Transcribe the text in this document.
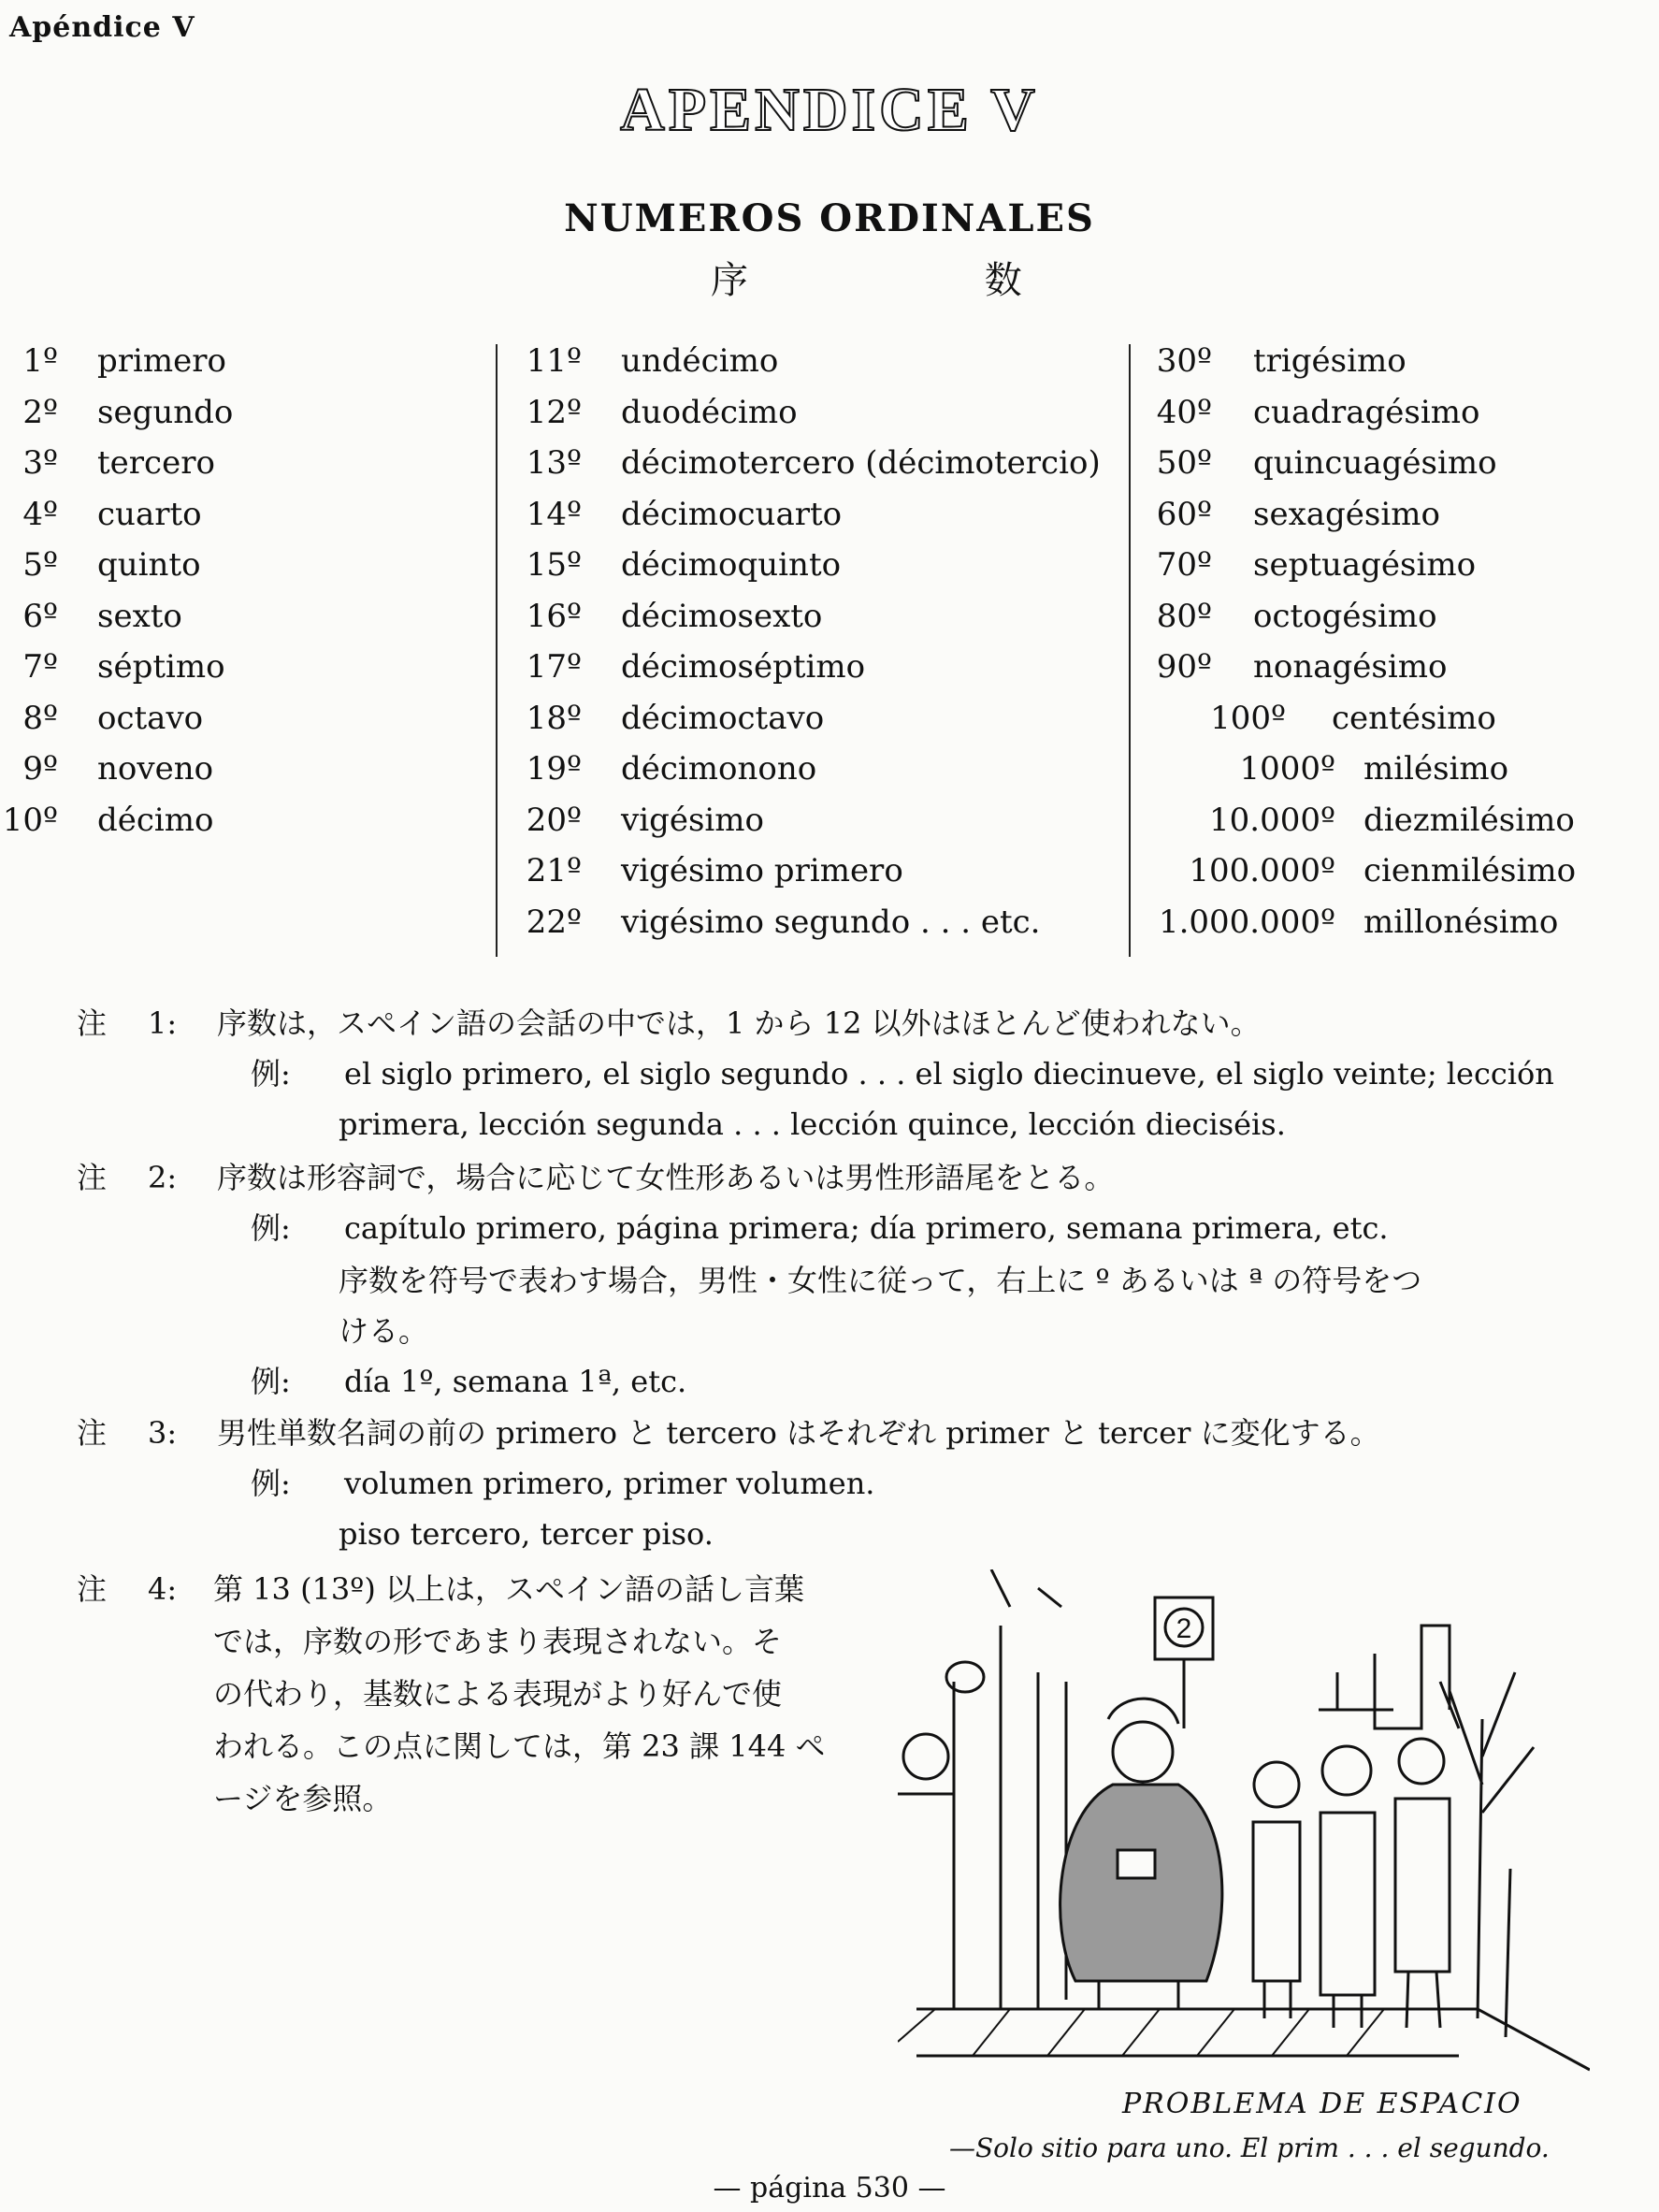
Apéndice V
APENDICE V
NUMEROS ORDINALES
序 数
1º primero
2º segundo
3º tercero
4º cuarto
5º quinto
6º sexto
7º séptimo
8º octavo
9º noveno
10º décimo
11º undécimo
12º duodécimo
13º décimotercero (décimotercio)
14º décimocuarto
15º décimoquinto
16º décimosexto
17º décimoséptimo
18º décimoctavo
19º décimonono
20º vigésimo
21º vigésimo primero
22º vigésimo segundo . . . etc.
30º trigésimo
40º cuadragésimo
50º quincuagésimo
60º sexagésimo
70º septuagésimo
80º octogésimo
90º nonagésimo
100º centésimo
1000º milésimo
10.000º diezmilésimo
100.000º cienmilésimo
1.000.000º millonésimo
注 1: 序数は，スペイン語の会話の中では，1 から 12 以外はほとんど使われない。
例: el siglo primero, el siglo segundo . . . el siglo diecinueve, el siglo veinte; lección
primera, lección segunda . . . lección quince, lección dieciséis.
注 2: 序数は形容詞で，場合に応じて女性形あるいは男性形語尾をとる。
例: capítulo primero, página primera; día primero, semana primera, etc.
序数を符号で表わす場合，男性・女性に従って，右上に º あるいは ª の符号をつ
ける。
例: día 1º, semana 1ª, etc.
注 3: 男性単数名詞の前の primero と tercero はそれぞれ primer と tercer に変化する。
例: volumen primero, primer volumen.
piso tercero, tercer piso.
注 4: 第 13 (13º) 以上は，スペイン語の話し言葉
では，序数の形であまり表現されない。そ
の代わり，基数による表現がより好んで使
われる。この点に関しては，第 23 課 144 ペ
ージを参照。
2
PROBLEMA DE ESPACIO
—Solo sitio para uno. El prim . . . el segundo.
— página 530 —
